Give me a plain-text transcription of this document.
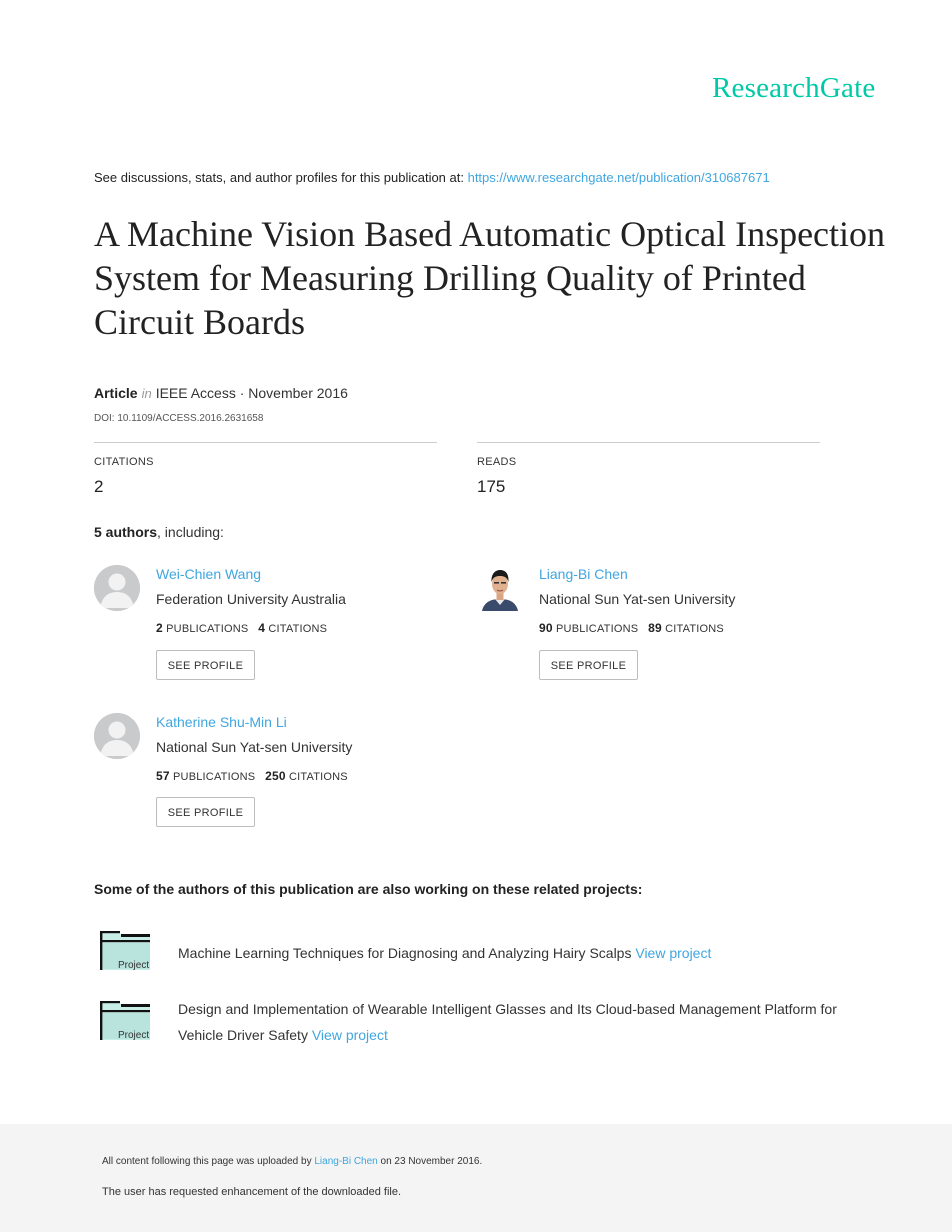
ResearchGate
See discussions, stats, and author profiles for this publication at: https://www.researchgate.net/publication/310687671
A Machine Vision Based Automatic Optical Inspection System for Measuring Drilling Quality of Printed Circuit Boards
Article in IEEE Access · November 2016
DOI: 10.1109/ACCESS.2016.2631658
CITATIONS
2
READS
175
5 authors, including:
Wei-Chien Wang
Federation University Australia
2 PUBLICATIONS 4 CITATIONS
SEE PROFILE
Liang-Bi Chen
National Sun Yat-sen University
90 PUBLICATIONS 89 CITATIONS
SEE PROFILE
Katherine Shu-Min Li
National Sun Yat-sen University
57 PUBLICATIONS 250 CITATIONS
SEE PROFILE
Some of the authors of this publication are also working on these related projects:
Project
Machine Learning Techniques for Diagnosing and Analyzing Hairy Scalps View project
Project
Design and Implementation of Wearable Intelligent Glasses and Its Cloud-based Management Platform for Vehicle Driver Safety View project
All content following this page was uploaded by Liang-Bi Chen on 23 November 2016.
The user has requested enhancement of the downloaded file.
